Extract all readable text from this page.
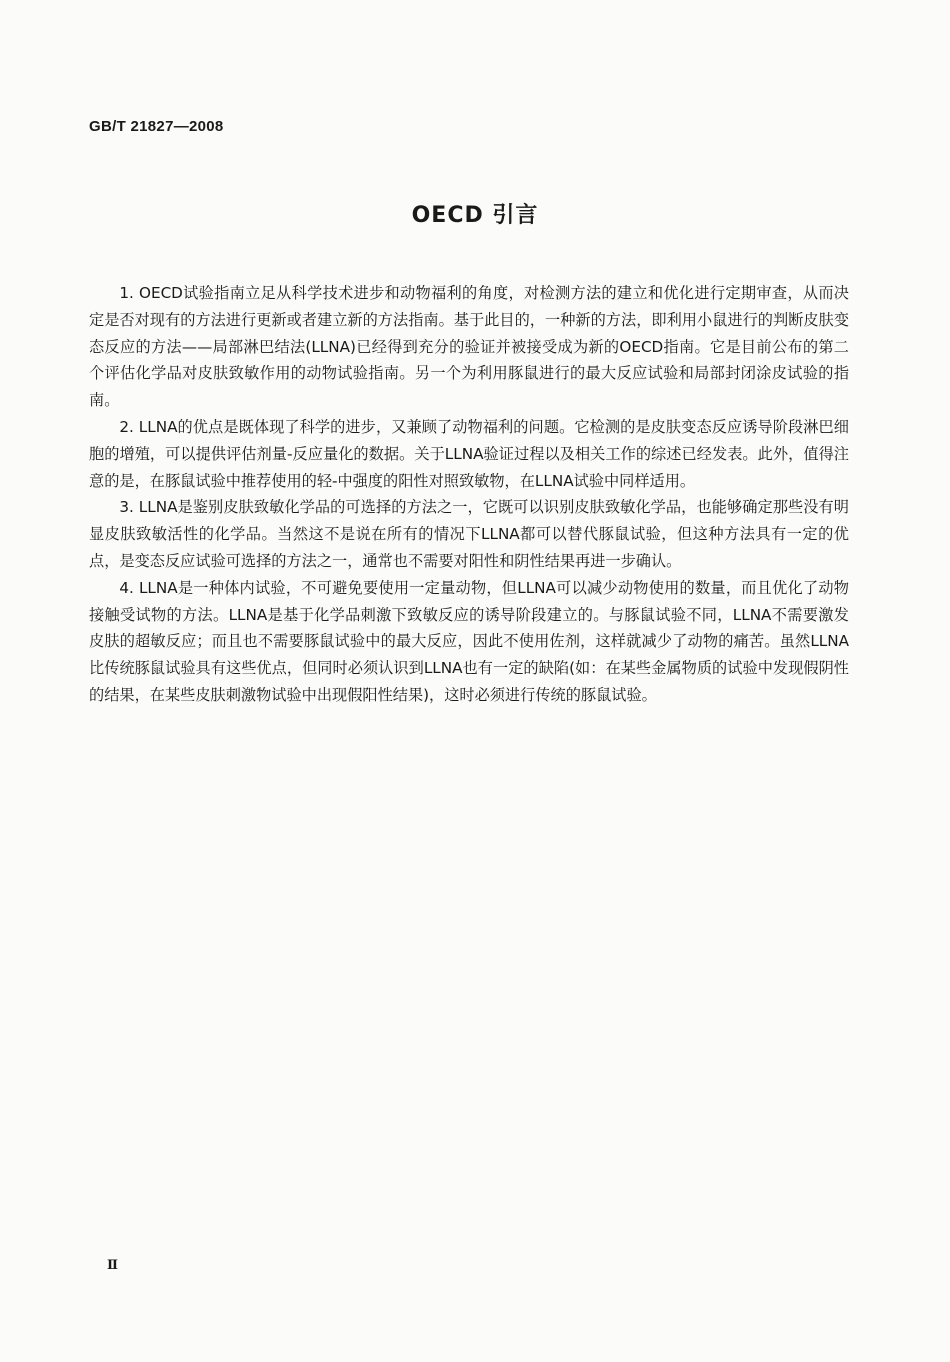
GB/T 21827—2008
OECD 引言

1. OECD试验指南立足从科学技术进步和动物福利的角度，对检测方法的建立和优化进行定期审查，从而决定是否对现有的方法进行更新或者建立新的方法指南。基于此目的，一种新的方法，即利用小鼠进行的判断皮肤变态反应的方法——局部淋巴结法(LLNA)已经得到充分的验证并被接受成为新的OECD指南。它是目前公布的第二个评估化学品对皮肤致敏作用的动物试验指南。另一个为利用豚鼠进行的最大反应试验和局部封闭涂皮试验的指南。

2. LLNA的优点是既体现了科学的进步，又兼顾了动物福利的问题。它检测的是皮肤变态反应诱导阶段淋巴细胞的增殖，可以提供评估剂量-反应量化的数据。关于LLNA验证过程以及相关工作的综述已经发表。此外，值得注意的是，在豚鼠试验中推荐使用的轻-中强度的阳性对照致敏物，在LLNA试验中同样适用。

3. LLNA是鉴别皮肤致敏化学品的可选择的方法之一，它既可以识别皮肤致敏化学品，也能够确定那些没有明显皮肤致敏活性的化学品。当然这不是说在所有的情况下LLNA都可以替代豚鼠试验，但这种方法具有一定的优点，是变态反应试验可选择的方法之一，通常也不需要对阳性和阴性结果再进一步确认。

4. LLNA是一种体内试验，不可避免要使用一定量动物，但LLNA可以减少动物使用的数量，而且优化了动物接触受试物的方法。LLNA是基于化学品刺激下致敏反应的诱导阶段建立的。与豚鼠试验不同，LLNA不需要激发皮肤的超敏反应；而且也不需要豚鼠试验中的最大反应，因此不使用佐剂，这样就减少了动物的痛苦。虽然LLNA比传统豚鼠试验具有这些优点，但同时必须认识到LLNA也有一定的缺陷(如：在某些金属物质的试验中发现假阴性的结果，在某些皮肤刺激物试验中出现假阳性结果)，这时必须进行传统的豚鼠试验。

Ⅱ
